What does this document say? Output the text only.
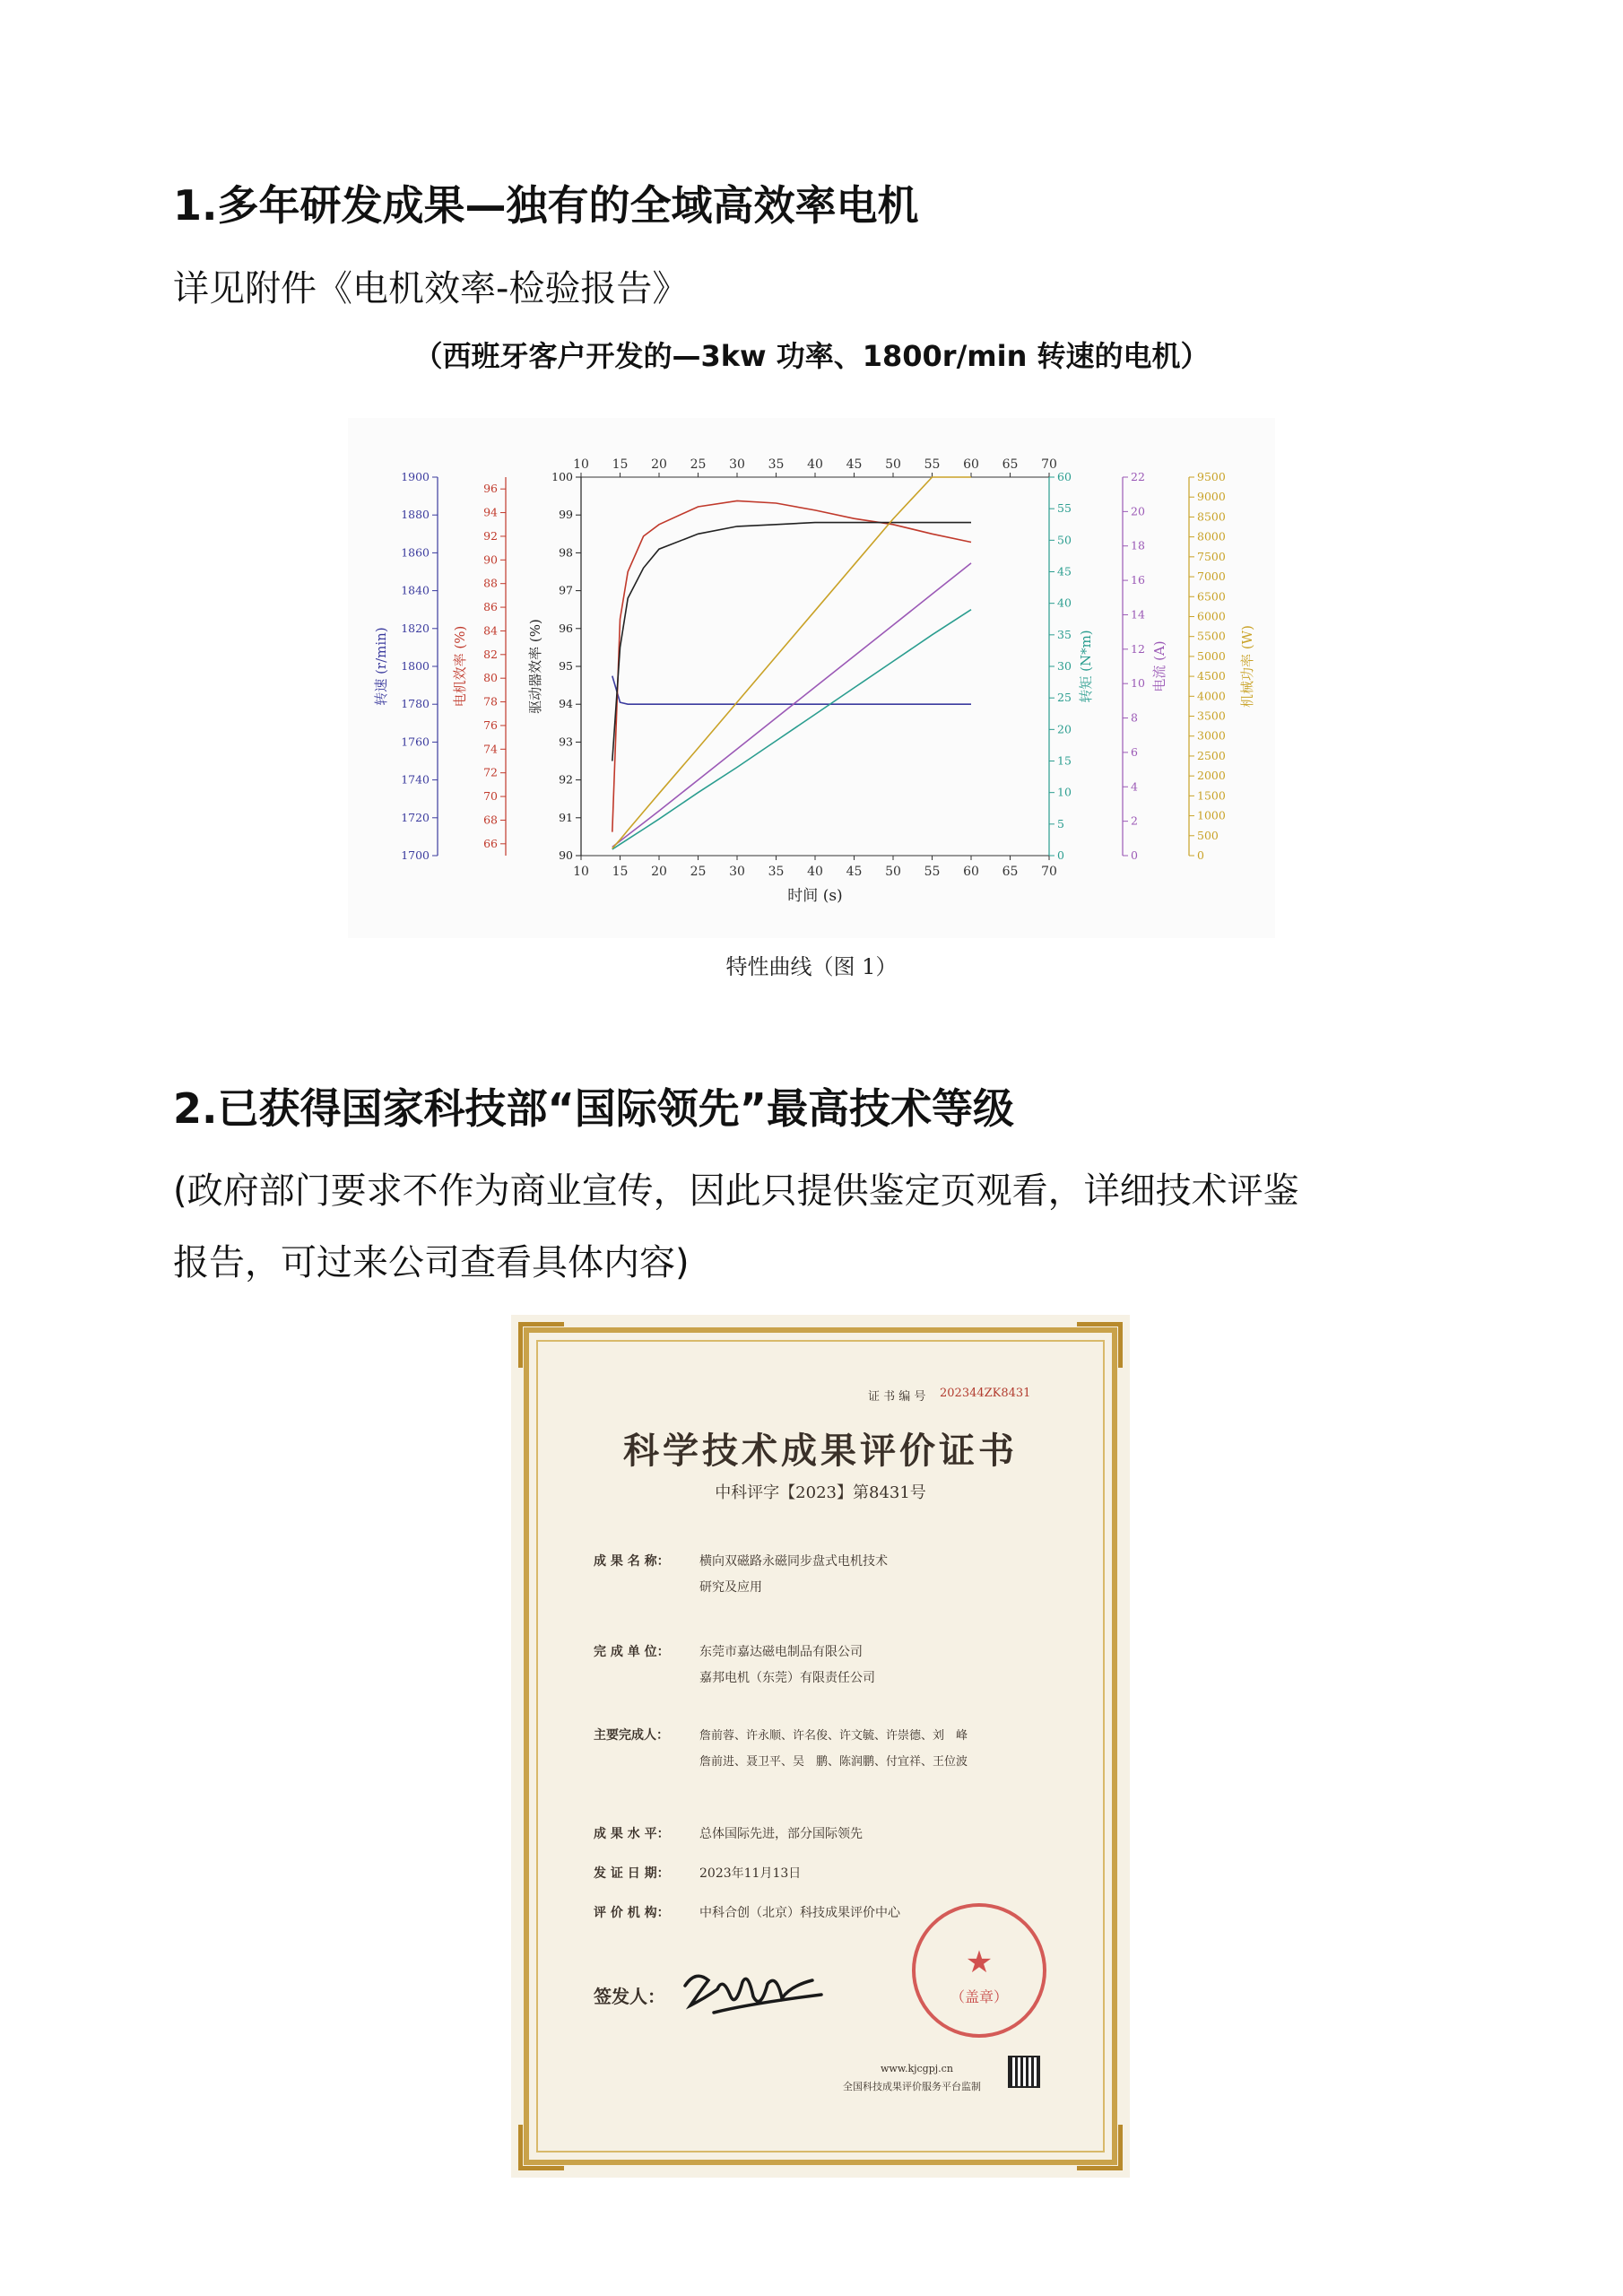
1.多年研发成果—独有的全域高效率电机
详见附件《电机效率-检验报告》
（西班牙客户开发的—3kw 功率、1800r/min 转速的电机）
10
10
15
15
20
20
25
25
30
30
35
35
40
40
45
45
50
50
55
55
60
60
65
65
70
70
时间 (s)
1700
1720
1740
1760
1780
1800
1820
1840
1860
1880
1900
转速 (r/min)
66
68
70
72
74
76
78
80
82
84
86
88
90
92
94
96
电机效率 (%)
90
91
92
93
94
95
96
97
98
99
100
驱动器效率 (%)
0
5
10
15
20
25
30
35
40
45
50
55
60
转矩 (N*m)
0
2
4
6
8
10
12
14
16
18
20
22
电流 (A)
0
500
1000
1500
2000
2500
3000
3500
4000
4500
5000
5500
6000
6500
7000
7500
8000
8500
9000
9500
机械功率 (W)
特性曲线（图 1）
2.已获得国家科技部“国际领先”最高技术等级
(政府部门要求不作为商业宣传，因此只提供鉴定页观看，详细技术评鉴
报告，可过来公司查看具体内容)
证 书 编 号 202344ZK8431
科学技术成果评价证书
中科评字【2023】第8431号
成 果 名 称： 横向双磁路永磁同步盘式电机技术
研究及应用
完 成 单 位： 东莞市嘉达磁电制品有限公司
嘉邦电机（东莞）有限责任公司
主要完成人：	詹前蓉、许永顺、许名俊、许文毓、许崇德、刘　峰
詹前进、聂卫平、吴　鹏、陈润鹏、付宜祥、王位波
成 果 水 平： 总体国际先进，部分国际领先
发 证 日 期： 2023年11月13日
评 价 机 构： 中科合创（北京）科技成果评价中心
★
（盖章）
签发人：
www.kjcgpj.cn
全国科技成果评价服务平台监制
